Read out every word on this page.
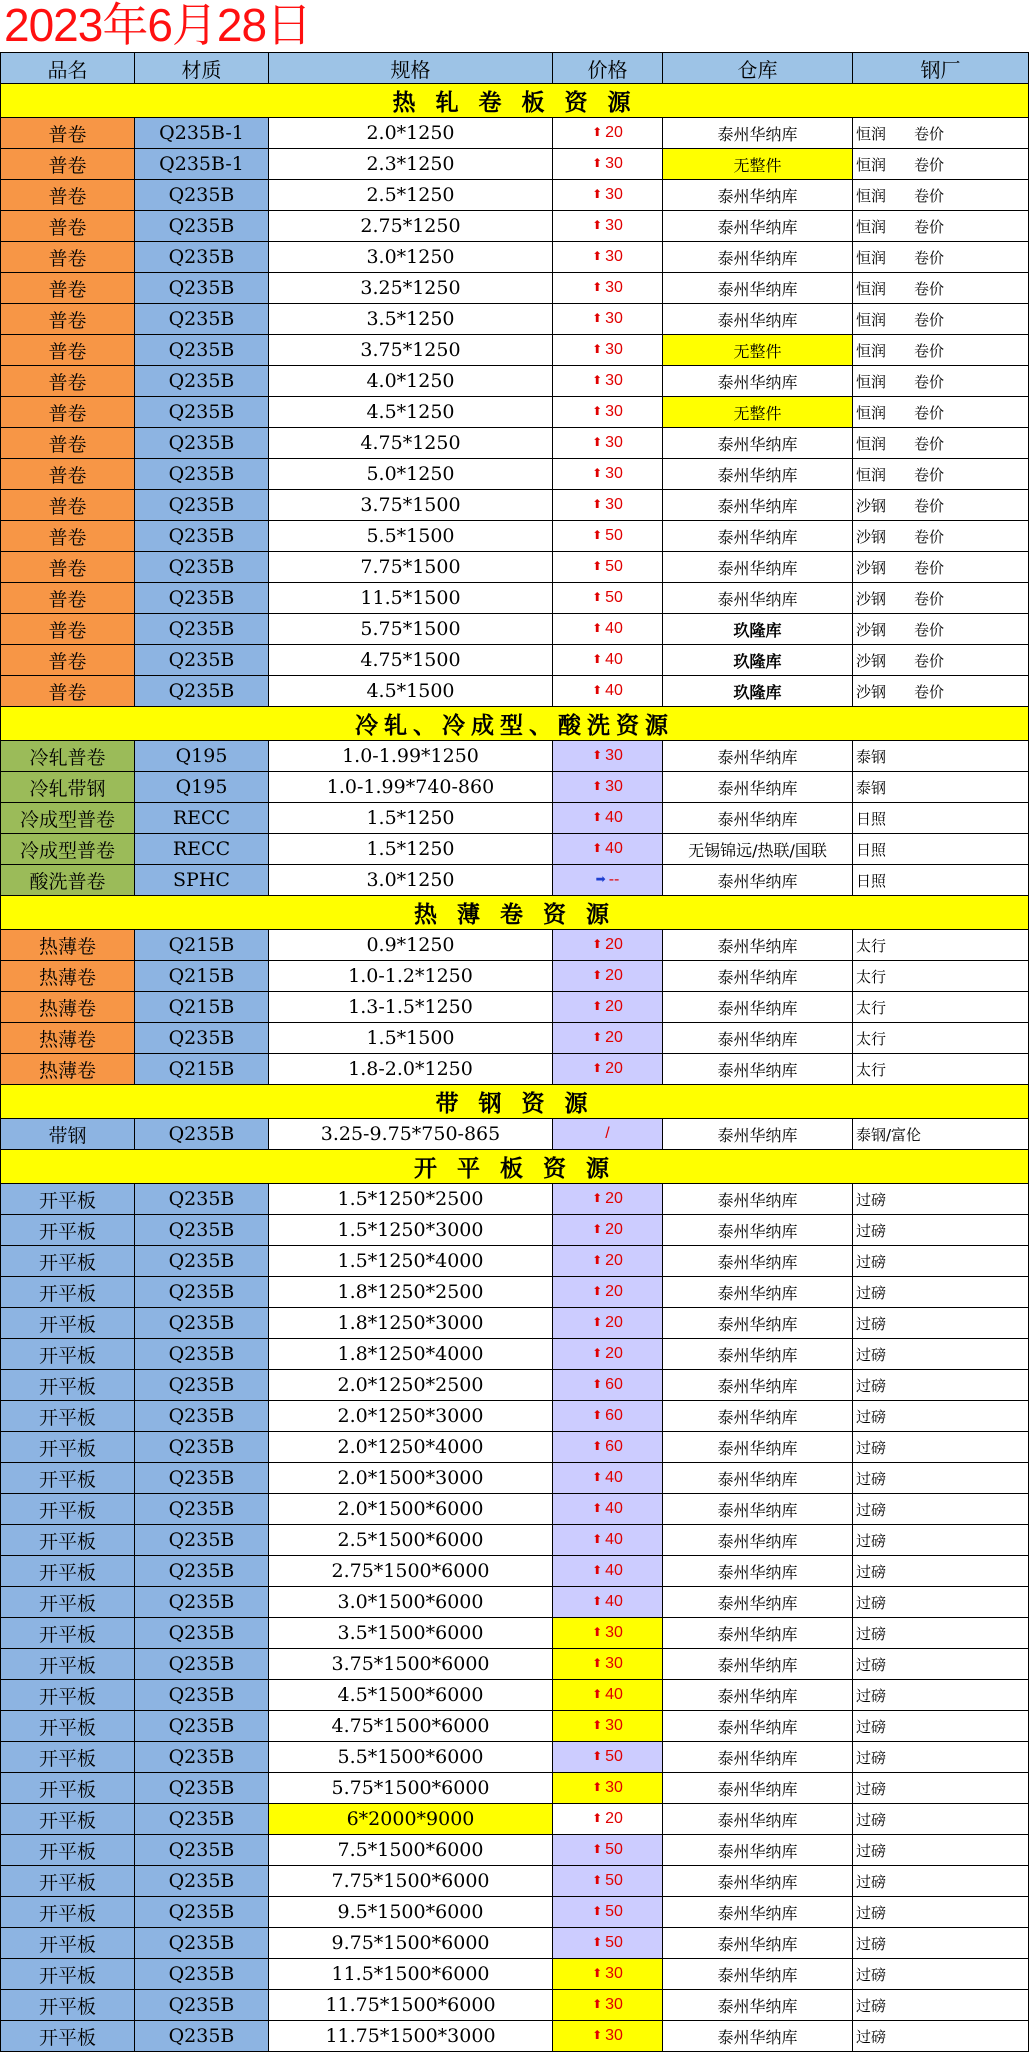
2023年6月28日
品名	材质	规格	价格	仓库	钢厂
热 轧 卷 板 资 源					
普卷	Q235B-1	2.0*1250	⬆ 20	泰州华纳库	恒润 卷价
普卷	Q235B-1	2.3*1250	⬆ 30	无整件	恒润 卷价
普卷	Q235B	2.5*1250	⬆ 30	泰州华纳库	恒润 卷价
普卷	Q235B	2.75*1250	⬆ 30	泰州华纳库	恒润 卷价
普卷	Q235B	3.0*1250	⬆ 30	泰州华纳库	恒润 卷价
普卷	Q235B	3.25*1250	⬆ 30	泰州华纳库	恒润 卷价
普卷	Q235B	3.5*1250	⬆ 30	泰州华纳库	恒润 卷价
普卷	Q235B	3.75*1250	⬆ 30	无整件	恒润 卷价
普卷	Q235B	4.0*1250	⬆ 30	泰州华纳库	恒润 卷价
普卷	Q235B	4.5*1250	⬆ 30	无整件	恒润 卷价
普卷	Q235B	4.75*1250	⬆ 30	泰州华纳库	恒润 卷价
普卷	Q235B	5.0*1250	⬆ 30	泰州华纳库	恒润 卷价
普卷	Q235B	3.75*1500	⬆ 30	泰州华纳库	沙钢 卷价
普卷	Q235B	5.5*1500	⬆ 50	泰州华纳库	沙钢 卷价
普卷	Q235B	7.75*1500	⬆ 50	泰州华纳库	沙钢 卷价
普卷	Q235B	11.5*1500	⬆ 50	泰州华纳库	沙钢 卷价
普卷	Q235B	5.75*1500	⬆ 40	玖隆库	沙钢 卷价
普卷	Q235B	4.75*1500	⬆ 40	玖隆库	沙钢 卷价
普卷	Q235B	4.5*1500	⬆ 40	玖隆库	沙钢 卷价
冷轧、冷成型、酸洗资源					
冷轧普卷	Q195	1.0-1.99*1250	⬆ 30	泰州华纳库	泰钢
冷轧带钢	Q195	1.0-1.99*740-860	⬆ 30	泰州华纳库	泰钢
冷成型普卷	RECC	1.5*1250	⬆ 40	泰州华纳库	日照
冷成型普卷	RECC	1.5*1250	⬆ 40	无锡锦远/热联/国联	日照
酸洗普卷	SPHC	3.0*1250	➡ --	泰州华纳库	日照
热 薄 卷 资 源					
热薄卷	Q215B	0.9*1250	⬆ 20	泰州华纳库	太行
热薄卷	Q215B	1.0-1.2*1250	⬆ 20	泰州华纳库	太行
热薄卷	Q215B	1.3-1.5*1250	⬆ 20	泰州华纳库	太行
热薄卷	Q235B	1.5*1500	⬆ 20	泰州华纳库	太行
热薄卷	Q215B	1.8-2.0*1250	⬆ 20	泰州华纳库	太行
带 钢 资 源					
带钢	Q235B	3.25-9.75*750-865	/	泰州华纳库	泰钢/富伦
开 平 板 资 源					
开平板	Q235B	1.5*1250*2500	⬆ 20	泰州华纳库	过磅
开平板	Q235B	1.5*1250*3000	⬆ 20	泰州华纳库	过磅
开平板	Q235B	1.5*1250*4000	⬆ 20	泰州华纳库	过磅
开平板	Q235B	1.8*1250*2500	⬆ 20	泰州华纳库	过磅
开平板	Q235B	1.8*1250*3000	⬆ 20	泰州华纳库	过磅
开平板	Q235B	1.8*1250*4000	⬆ 20	泰州华纳库	过磅
开平板	Q235B	2.0*1250*2500	⬆ 60	泰州华纳库	过磅
开平板	Q235B	2.0*1250*3000	⬆ 60	泰州华纳库	过磅
开平板	Q235B	2.0*1250*4000	⬆ 60	泰州华纳库	过磅
开平板	Q235B	2.0*1500*3000	⬆ 40	泰州华纳库	过磅
开平板	Q235B	2.0*1500*6000	⬆ 40	泰州华纳库	过磅
开平板	Q235B	2.5*1500*6000	⬆ 40	泰州华纳库	过磅
开平板	Q235B	2.75*1500*6000	⬆ 40	泰州华纳库	过磅
开平板	Q235B	3.0*1500*6000	⬆ 40	泰州华纳库	过磅
开平板	Q235B	3.5*1500*6000	⬆ 30	泰州华纳库	过磅
开平板	Q235B	3.75*1500*6000	⬆ 30	泰州华纳库	过磅
开平板	Q235B	4.5*1500*6000	⬆ 40	泰州华纳库	过磅
开平板	Q235B	4.75*1500*6000	⬆ 30	泰州华纳库	过磅
开平板	Q235B	5.5*1500*6000	⬆ 50	泰州华纳库	过磅
开平板	Q235B	5.75*1500*6000	⬆ 30	泰州华纳库	过磅
开平板	Q235B	6*2000*9000	⬆ 20	泰州华纳库	过磅
开平板	Q235B	7.5*1500*6000	⬆ 50	泰州华纳库	过磅
开平板	Q235B	7.75*1500*6000	⬆ 50	泰州华纳库	过磅
开平板	Q235B	9.5*1500*6000	⬆ 50	泰州华纳库	过磅
开平板	Q235B	9.75*1500*6000	⬆ 50	泰州华纳库	过磅
开平板	Q235B	11.5*1500*6000	⬆ 30	泰州华纳库	过磅
开平板	Q235B	11.75*1500*6000	⬆ 30	泰州华纳库	过磅
开平板	Q235B	11.75*1500*3000	⬆ 30	泰州华纳库	过磅
